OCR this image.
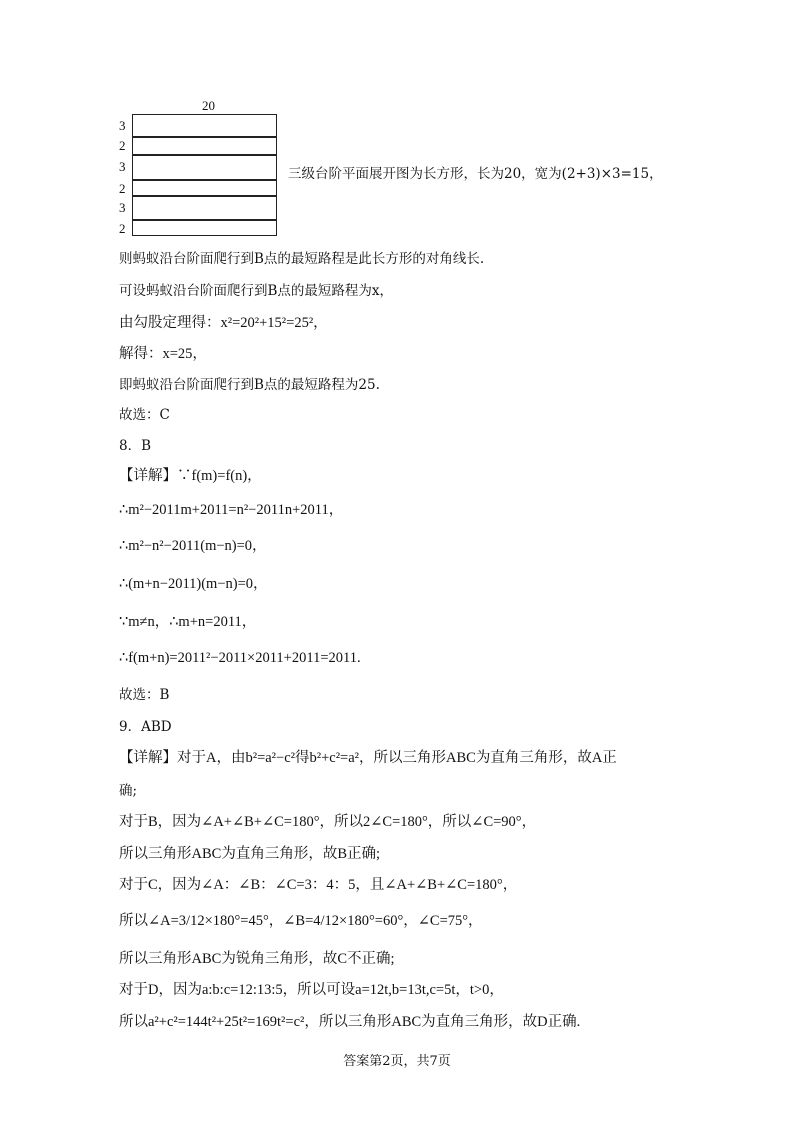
20
3
2
3
2
3
2
三级台阶平面展开图为长方形，长为20，宽为(2+3)×3=15，
则蚂蚁沿台阶面爬行到B点的最短路程是此长方形的对角线长.
可设蚂蚁沿台阶面爬行到B点的最短路程为x，
由勾股定理得：x²=20²+15²=25²，
解得：x=25，
即蚂蚁沿台阶面爬行到B点的最短路程为25.
故选：C
8．B
【详解】∵f(m)=f(n)，
∴m²−2011m+2011=n²−2011n+2011，
∴m²−n²−2011(m−n)=0，
∴(m+n−2011)(m−n)=0，
∵m≠n，∴m+n=2011，
∴f(m+n)=2011²−2011×2011+2011=2011.
故选：B
9．ABD
【详解】对于A，由b²=a²−c²得b²+c²=a²，所以三角形ABC为直角三角形，故A正
确;
对于B，因为∠A+∠B+∠C=180°，所以2∠C=180°，所以∠C=90°，
所以三角形ABC为直角三角形，故B正确;
对于C，因为∠A：∠B：∠C=3：4：5，且∠A+∠B+∠C=180°，
所以∠A=3/12×180°=45°，∠B=4/12×180°=60°，∠C=75°，
所以三角形ABC为锐角三角形，故C不正确;
对于D，因为a:b:c=12:13:5，所以可设a=12t,b=13t,c=5t，t>0，
所以a²+c²=144t²+25t²=169t²=c²，所以三角形ABC为直角三角形，故D正确.
答案第2页，共7页
